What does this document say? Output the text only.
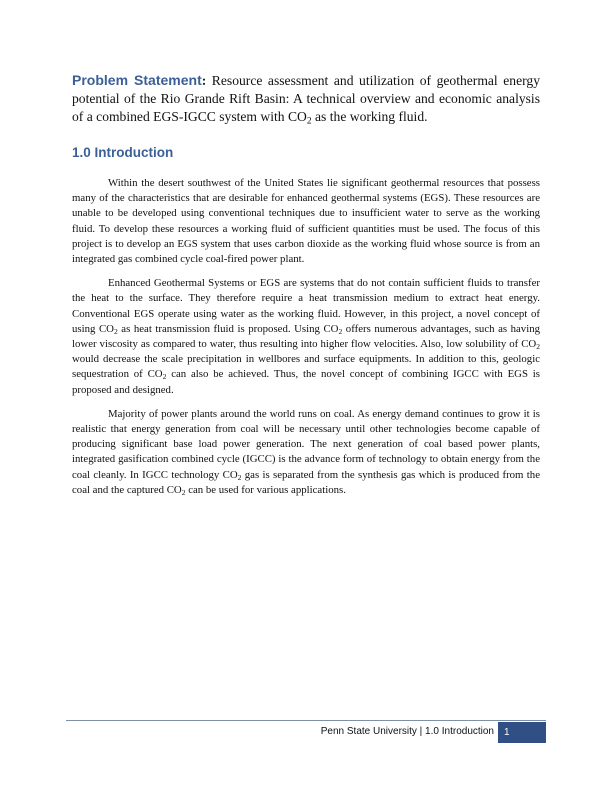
Problem Statement: Resource assessment and utilization of geothermal energy potential of the Rio Grande Rift Basin: A technical overview and economic analysis of a combined EGS-IGCC system with $CO_2$ as the working fluid.

1.0 Introduction

Within the desert southwest of the United States lie significant geothermal resources that possess many of the characteristics that are desirable for enhanced geothermal systems (EGS). These resources are unable to be developed using conventional techniques due to insufficient water to serve as the working fluid. To develop these resources a working fluid of sufficient quantities must be used. The focus of this project is to develop an EGS system that uses carbon dioxide as the working fluid whose source is from an integrated gas combined cycle coal-fired power plant.

Enhanced Geothermal Systems or EGS are systems that do not contain sufficient fluids to transfer the heat to the surface. They therefore require a heat transmission medium to extract heat energy. Conventional EGS operate using water as the working fluid. However, in this project, a novel concept of using $CO_2$ as heat transmission fluid is proposed. Using $CO_2$ offers numerous advantages, such as having lower viscosity as compared to water, thus resulting into higher flow velocities. Also, low solubility of $CO_2$ would decrease the scale precipitation in wellbores and surface equipments. In addition to this, geologic sequestration of $CO_2$ can also be achieved. Thus, the novel concept of combining IGCC with EGS is proposed and designed.

Majority of power plants around the world runs on coal. As energy demand continues to grow it is realistic that energy generation from coal will be necessary until other technologies become capable of producing significant base load power generation. The next generation of coal based power plants, integrated gasification combined cycle (IGCC) is the advance form of technology to obtain energy from the coal cleanly. In IGCC technology $CO_2$ gas is separated from the synthesis gas which is produced from the coal and the captured $CO_2$ can be used for various applications.

Penn State University | 1.0 Introduction	1
